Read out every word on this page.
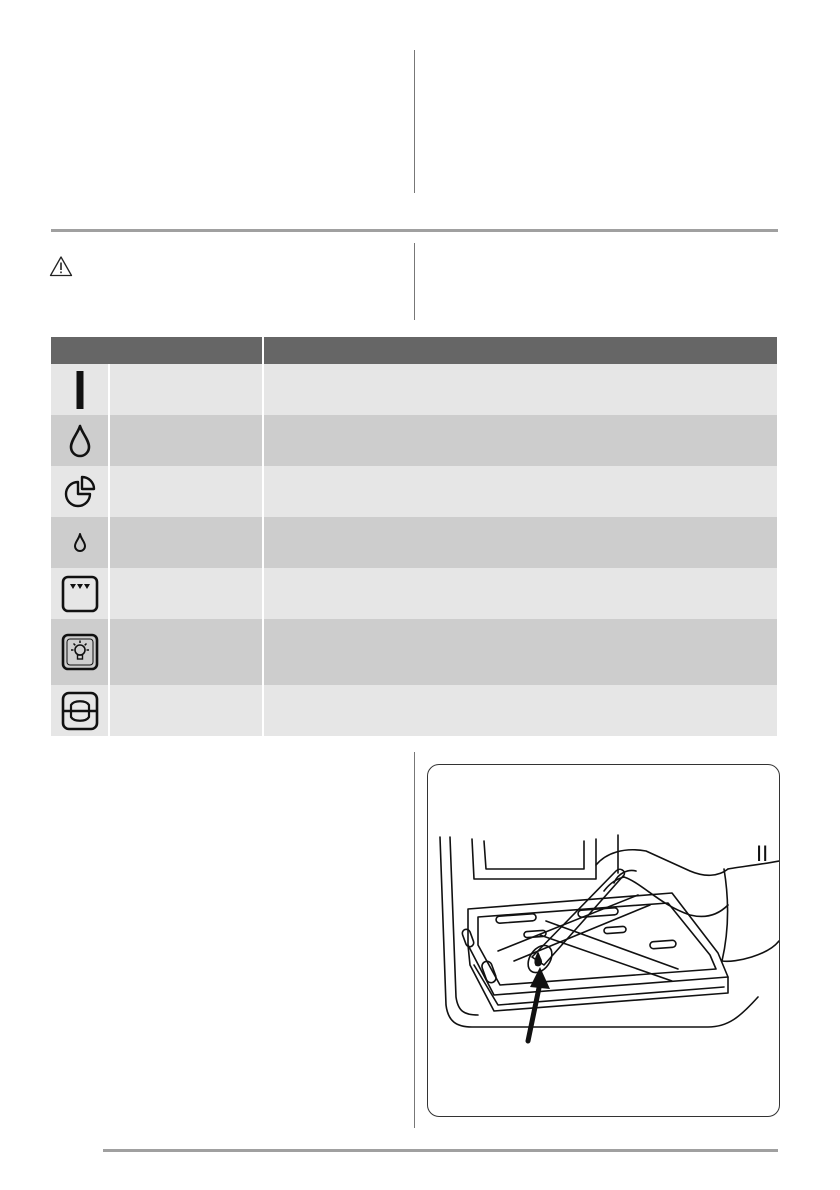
II
